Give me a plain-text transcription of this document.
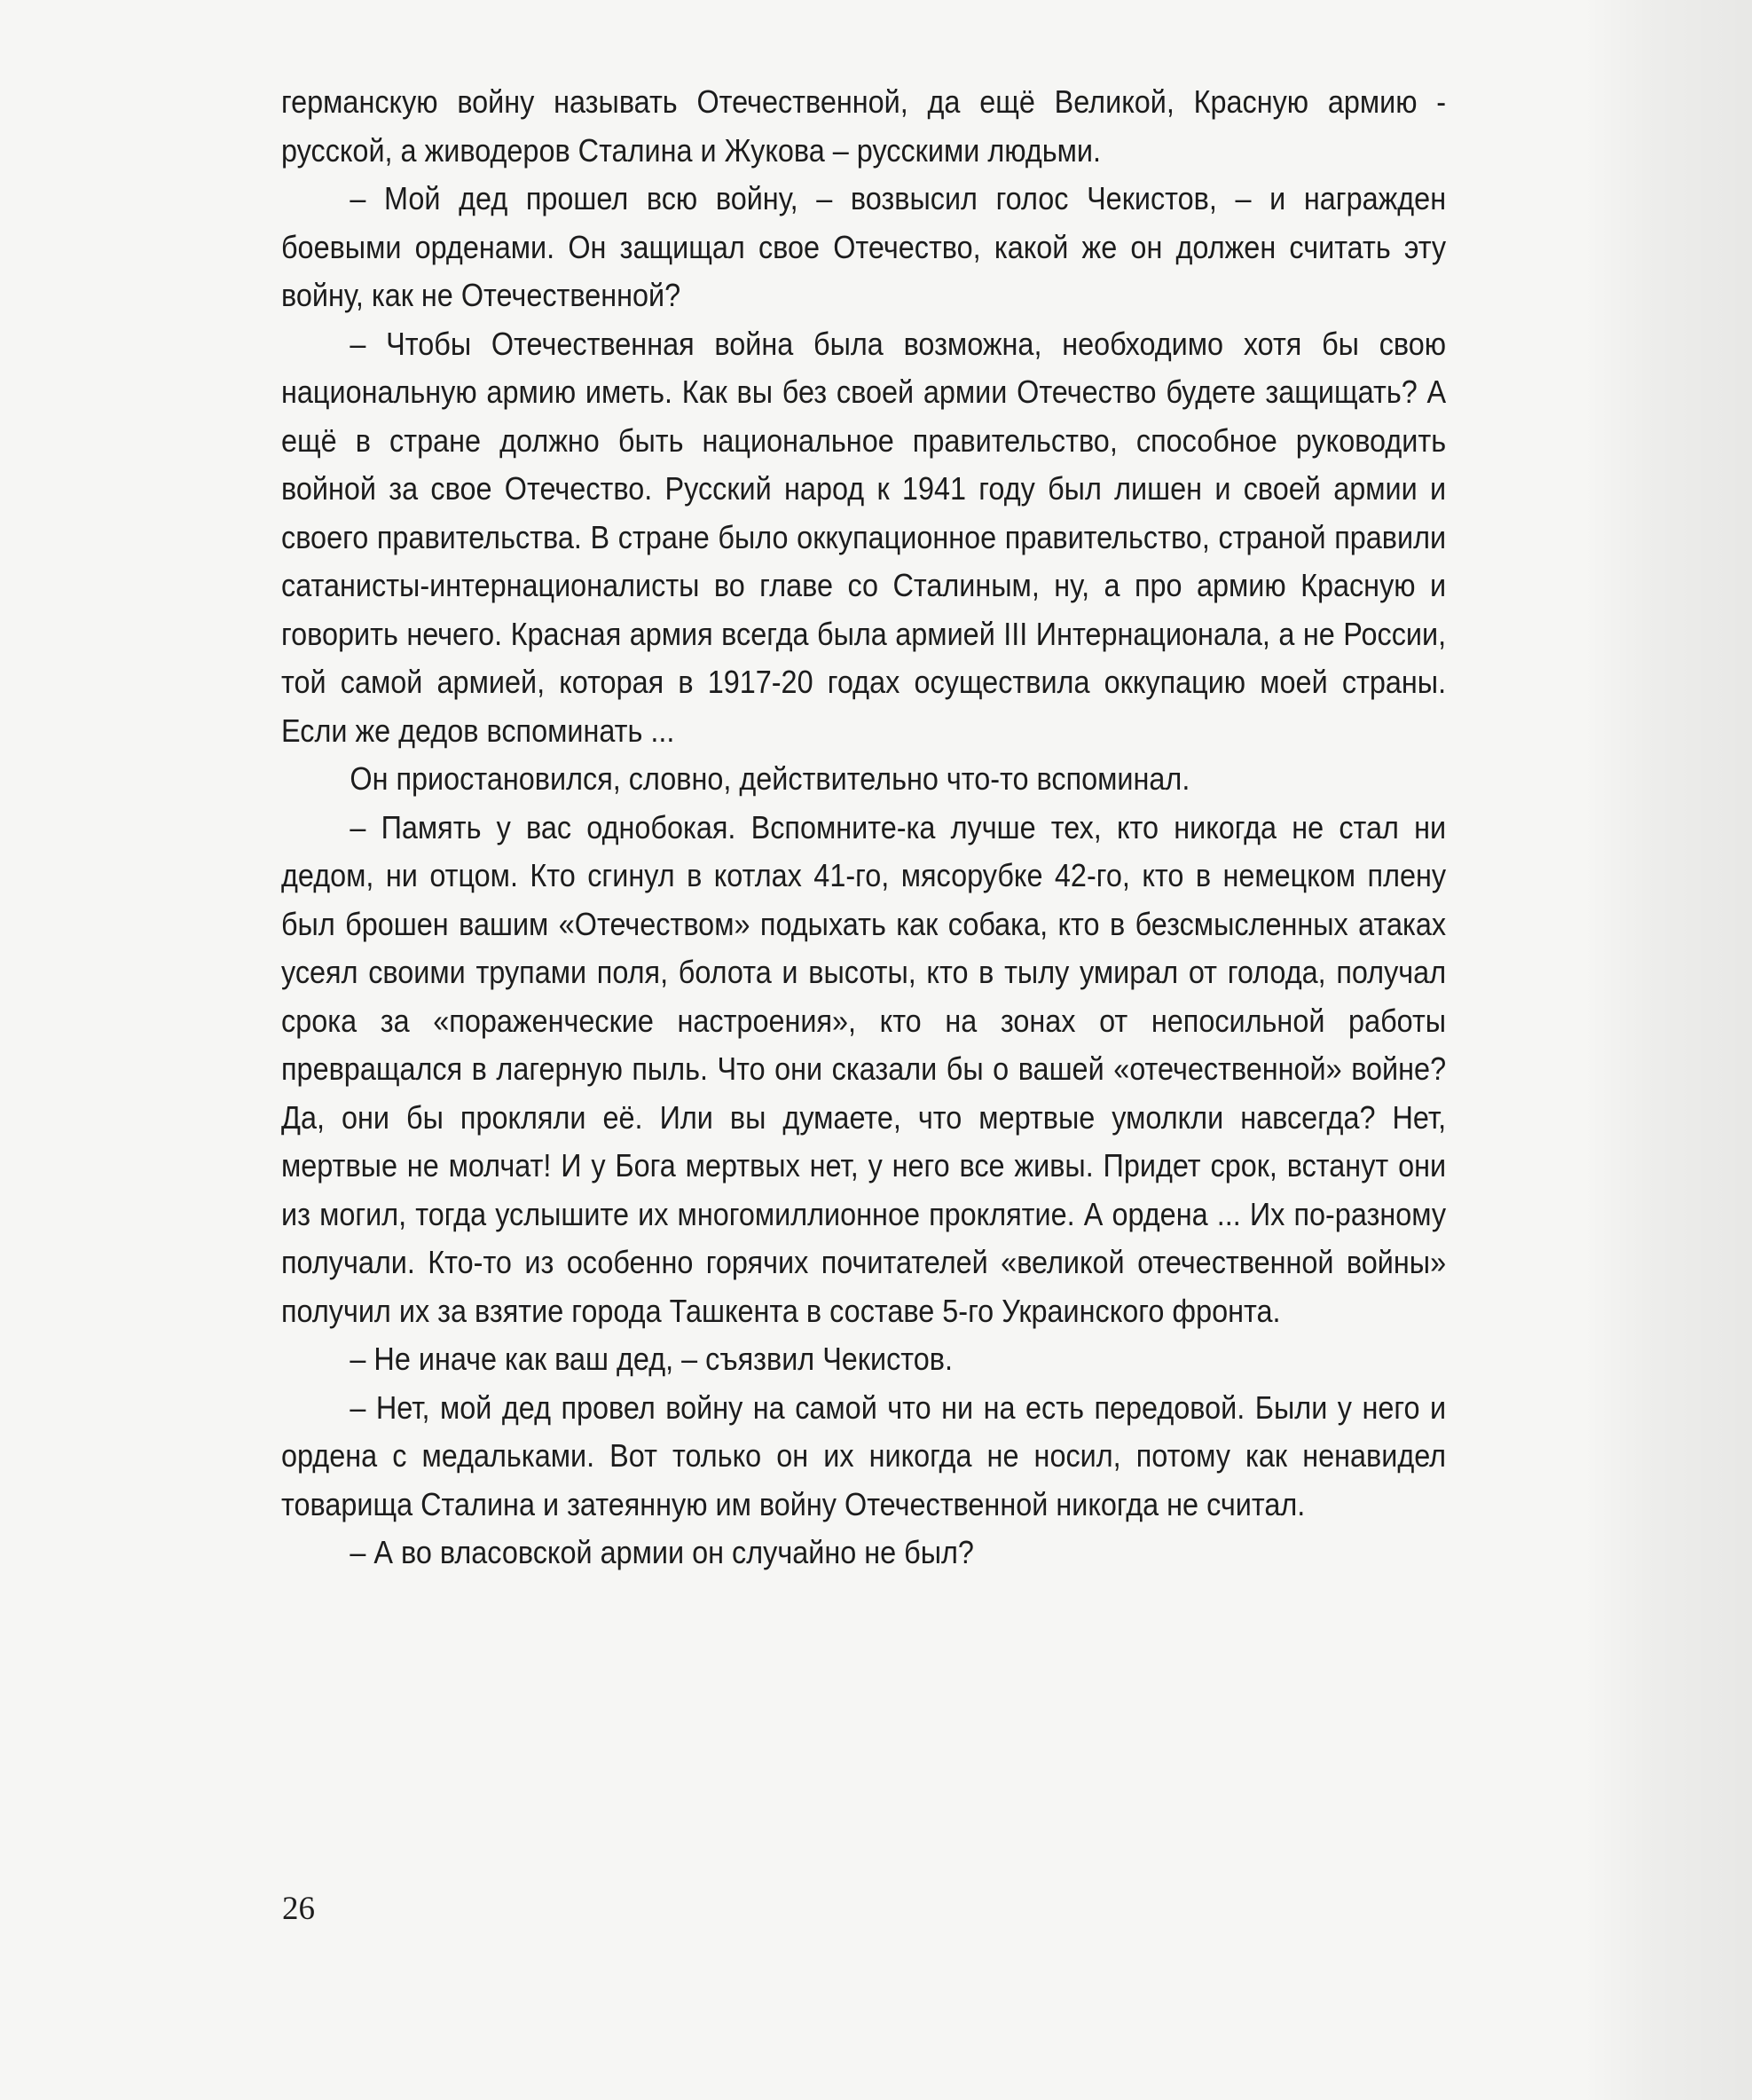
германскую войну называть Отечественной, да ещё Великой, Красную армию - русской, а живодеров Сталина и Жукова – русскими людьми.

– Мой дед прошел всю войну, – возвысил голос Чекистов, – и награжден боевыми орденами. Он защищал свое Отечество, какой же он должен считать эту войну, как не Отечественной?

– Чтобы Отечественная война была возможна, необходимо хотя бы свою национальную армию иметь. Как вы без своей армии Отечество будете защищать? А ещё в стране должно быть национальное правительство, способное руководить войной за свое Отечество. Русский народ к 1941 году был лишен и своей армии и своего правительства. В стране было оккупационное правительство, страной правили сатанисты-интернационалисты во главе со Сталиным, ну, а про армию Красную и говорить нечего. Красная армия всегда была армией III Интернационала, а не России, той самой армией, которая в 1917-20 годах осуществила оккупацию моей страны. Если же дедов вспоминать ...

Он приостановился, словно, действительно что-то вспоминал.

– Память у вас однобокая. Вспомните-ка лучше тех, кто никогда не стал ни дедом, ни отцом. Кто сгинул в котлах 41-го, мясорубке 42-го, кто в немецком плену был брошен вашим «Отечеством» подыхать как собака, кто в безсмысленных атаках усеял своими трупами поля, болота и высоты, кто в тылу умирал от голода, получал срока за «пораженческие настроения», кто на зонах от непосильной работы превращался в лагерную пыль. Что они сказали бы о вашей «отечественной» войне? Да, они бы прокляли её. Или вы думаете, что мертвые умолкли навсегда? Нет, мертвые не молчат! И у Бога мертвых нет, у него все живы. Придет срок, встанут они из могил, тогда услышите их многомиллионное проклятие. А ордена ... Их по-разному получали. Кто-то из особенно горячих почитателей «великой отечественной войны» получил их за взятие города Ташкента в составе 5-го Украинского фронта.

– Не иначе как ваш дед, – съязвил Чекистов.

– Нет, мой дед провел войну на самой что ни на есть передовой. Были у него и ордена с медальками. Вот только он их никогда не носил, потому как ненавидел товарища Сталина и затеянную им войну Отечественной никогда не считал.

– А во власовской армии он случайно не был?

26
